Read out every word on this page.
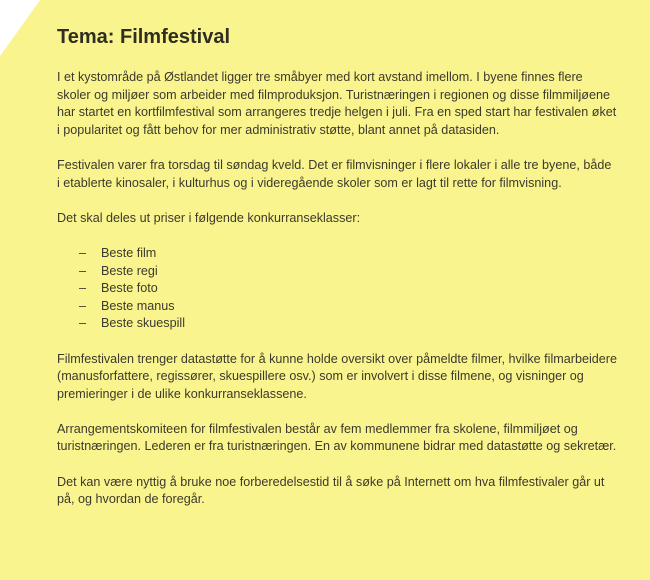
Tema: Filmfestival

I et kystområde på Østlandet ligger tre småbyer med kort avstand imellom. I byene finnes flere skoler og miljøer som arbeider med filmproduksjon. Turistnæringen i regionen og disse filmmiljøene har startet en kortfilmfestival som arrangeres tredje helgen i juli. Fra en sped start har festivalen øket i popularitet og fått behov for mer administrativ støtte, blant annet på datasiden.

Festivalen varer fra torsdag til søndag kveld. Det er filmvisninger i flere lokaler i alle tre byene, både i etablerte kinosaler, i kulturhus og i videregående skoler som er lagt til rette for filmvisning.

Det skal deles ut priser i følgende konkurranseklasser:

–	Beste film
–	Beste regi
–	Beste foto
–	Beste manus
–	Beste skuespill

Filmfestivalen trenger datastøtte for å kunne holde oversikt over påmeldte filmer, hvilke filmarbeidere (manusforfattere, regissører, skuespillere osv.) som er involvert i disse filmene, og visninger og premieringer i de ulike konkurranseklassene.

Arrangementskomiteen for filmfestivalen består av fem medlemmer fra skolene, filmmiljøet og turistnæringen. Lederen er fra turistnæringen. En av kommunene bidrar med datastøtte og sekretær.

Det kan være nyttig å bruke noe forberedelsestid til å søke på Internett om hva filmfestivaler går ut på, og hvordan de foregår.
